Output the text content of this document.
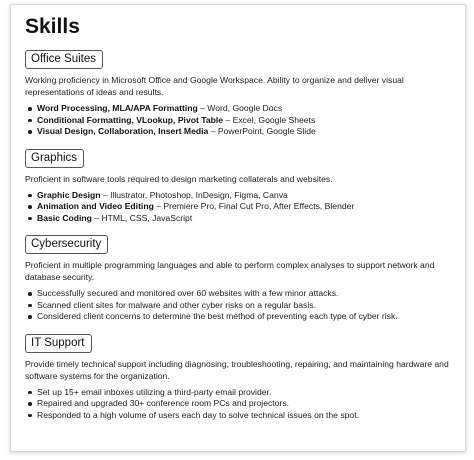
Skills
Office Suites

Working proficiency in Microsoft Office and Google Workspace. Ability to organize and deliver visual representations of ideas and results.

Word Processing, MLA/APA Formatting – Word, Google Docs
Conditional Formatting, VLookup, Pivot Table – Excel, Google Sheets
Visual Design, Collaboration, Insert Media – PowerPoint, Google Slide
Graphics

Proficient in software tools required to design marketing collaterals and websites.

Graphic Design – Illustrator, Photoshop, InDesign, Figma, Canva
Animation and Video Editing – Premiere Pro, Final Cut Pro, After Effects, Blender
Basic Coding – HTML, CSS, JavaScript
Cybersecurity

Proficient in multiple programming languages and able to perform complex analyses to support network and database security.

Successfully secured and monitored over 60 websites with a few minor attacks.
Scanned client sites for malware and other cyber risks on a regular basis.
Considered client concerns to determine the best method of preventing each type of cyber risk.
IT Support

Provide timely technical support including diagnosing, troubleshooting, repairing, and maintaining hardware and software systems for the organization.

Set up 15+ email inboxes utilizing a third-party email provider.
Repaired and upgraded 30+ conference room PCs and projectors.
Responded to a high volume of users each day to solve technical issues on the spot.
